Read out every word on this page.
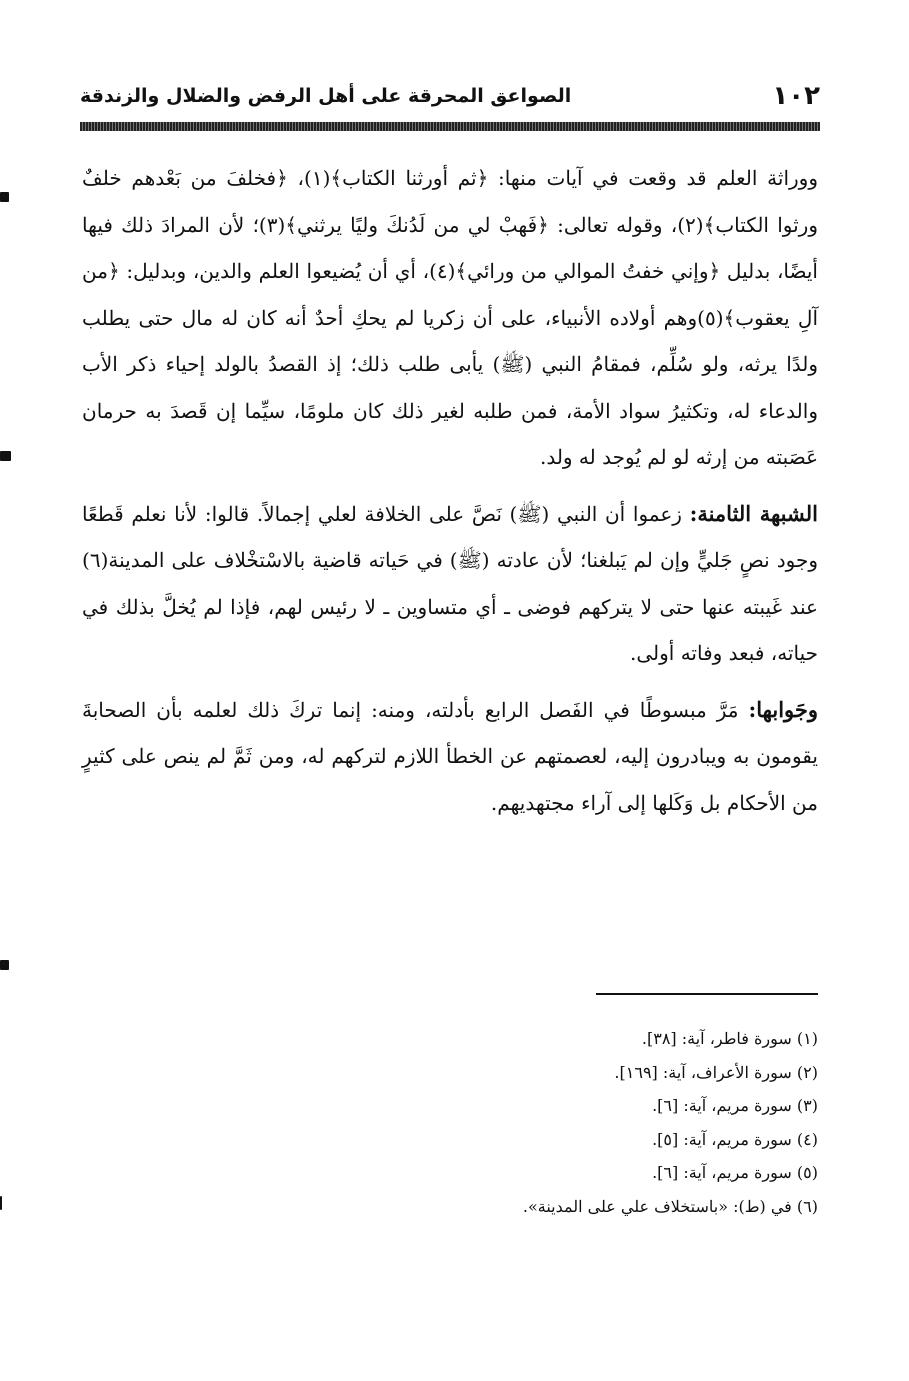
١٠٢
الصواعق المحرقة على أهل الرفض والضلال والزندقة

ووراثة العلم قد وقعت في آيات منها: ﴿ثم أورثنا الكتاب﴾(١)، ﴿فخلفَ من بَعْدهم خلفٌ ورثوا الكتاب﴾(٢)، وقوله تعالى: ﴿فَهبْ لي من لَدُنكَ وليًا يرثني﴾(٣)؛ لأن المرادَ ذلك فيها أيضًا، بدليل ﴿وإني خفتُ الموالي من ورائي﴾(٤)، أي أن يُضيعوا العلم والدين، وبدليل: ﴿من آلِ يعقوب﴾(٥)وهم أولاده الأنبياء، على أن زكريا لم يحكِ أحدٌ أنه كان له مال حتى يطلب ولدًا يرثه، ولو سُلِّم، فمقامُ النبي (ﷺ) يأبى طلب ذلك؛ إذ القصدُ بالولد إحياء ذكر الأب والدعاء له، وتكثيرُ سواد الأمة، فمن طلبه لغير ذلك كان ملومًا، سيِّما إن قَصدَ به حرمان عَصَبته من إرثه لو لم يُوجد له ولد.

الشبهة الثامنة: زعموا أن النبي (ﷺ) نَصَّ على الخلافة لعلي إجمالاً. قالوا: لأنا نعلم قَطعًا وجود نصٍ جَليٍّ وإن لم يَبلغنا؛ لأن عادته (ﷺ) في حَياته قاضية بالاسْتخْلاف على المدينة(٦) عند غَيبته عنها حتى لا يتركهم فوضى ـ أي متساوين ـ لا رئيس لهم، فإذا لم يُخلَّ بذلك في حياته، فبعد وفاته أولى.

وجَوابها: مَرَّ مبسوطًا في الفَصل الرابع بأدلته، ومنه: إنما تركَ ذلك لعلمه بأن الصحابةَ يقومون به ويبادرون إليه، لعصمتهم عن الخطأ اللازم لتركهم له، ومن ثَمَّ لم ينص على كثيرٍ من الأحكام بل وَكَلها إلى آراء مجتهديهم.

(١) سورة فاطر، آية: [٣٨].
(٢) سورة الأعراف، آية: [١٦٩].
(٣) سورة مريم، آية: [٦].
(٤) سورة مريم، آية: [٥].
(٥) سورة مريم، آية: [٦].
(٦) في (ط): «باستخلاف علي على المدينة».
